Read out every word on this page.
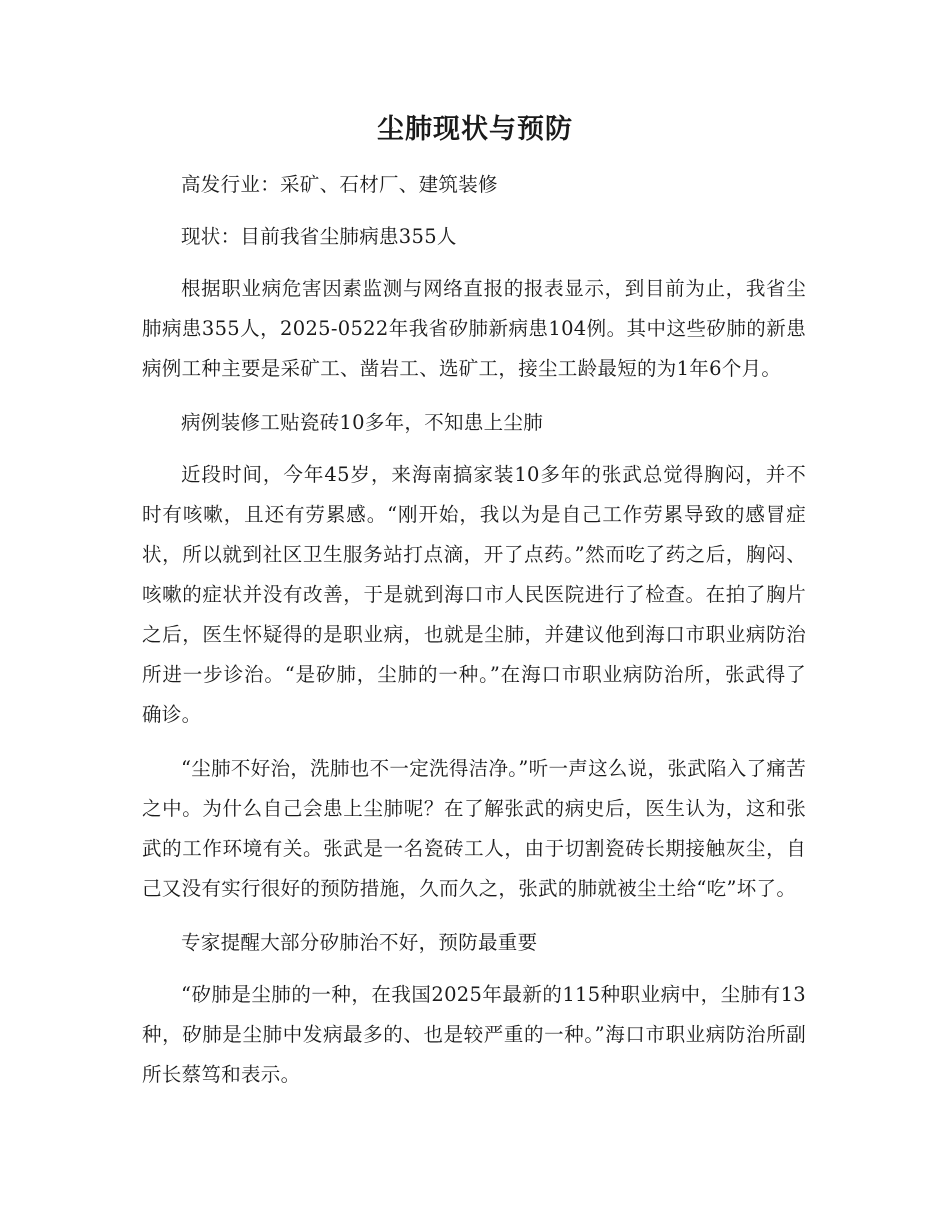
尘肺现状与预防

高发行业：采矿、石材厂、建筑装修

现状：目前我省尘肺病患355人

根据职业病危害因素监测与网络直报的报表显示，到目前为止，我省尘肺病患355人，2025-0522年我省矽肺新病患104例。其中这些矽肺的新患病例工种主要是采矿工、凿岩工、选矿工，接尘工龄最短的为1年6个月。

病例装修工贴瓷砖10多年，不知患上尘肺

近段时间，今年45岁，来海南搞家装10多年的张武总觉得胸闷，并不时有咳嗽，且还有劳累感。“刚开始，我以为是自己工作劳累导致的感冒症状，所以就到社区卫生服务站打点滴，开了点药。”然而吃了药之后，胸闷、咳嗽的症状并没有改善，于是就到海口市人民医院进行了检查。在拍了胸片之后，医生怀疑得的是职业病，也就是尘肺，并建议他到海口市职业病防治所进一步诊治。“是矽肺，尘肺的一种。”在海口市职业病防治所，张武得了确诊。

“尘肺不好治，洗肺也不一定洗得洁净。”听一声这么说，张武陷入了痛苦之中。为什么自己会患上尘肺呢？在了解张武的病史后，医生认为，这和张武的工作环境有关。张武是一名瓷砖工人，由于切割瓷砖长期接触灰尘，自己又没有实行很好的预防措施，久而久之，张武的肺就被尘土给“吃”坏了。

专家提醒大部分矽肺治不好，预防最重要

“矽肺是尘肺的一种，在我国2025年最新的115种职业病中，尘肺有13种，矽肺是尘肺中发病最多的、也是较严重的一种。”海口市职业病防治所副所长蔡笃和表示。
